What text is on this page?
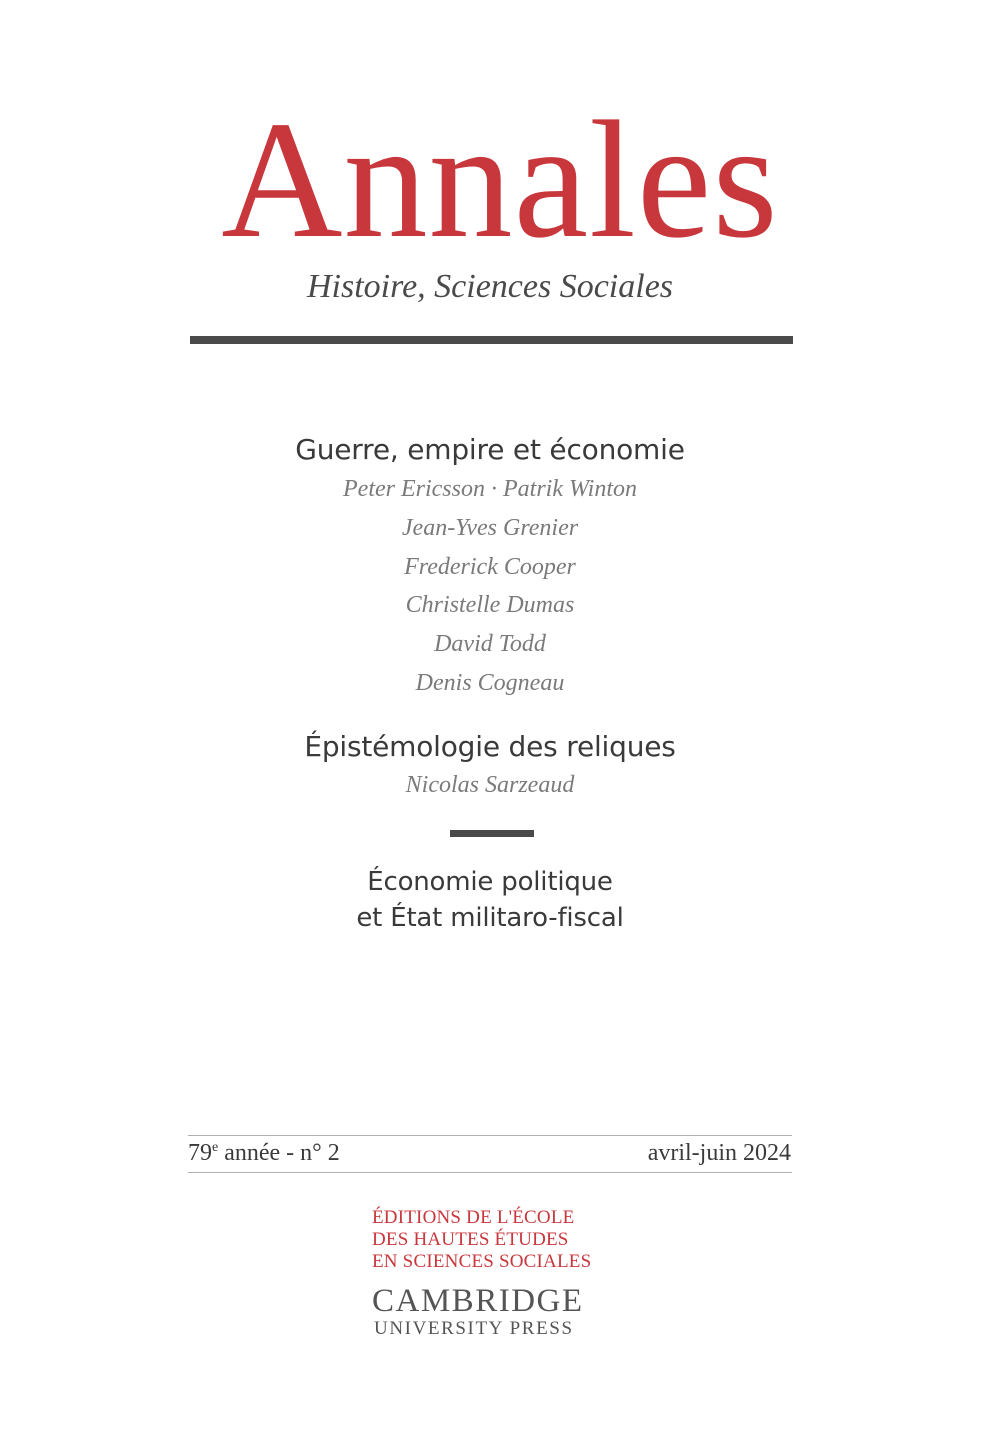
Annales
Histoire, Sciences Sociales
Guerre, empire et économie
Peter Ericsson · Patrik Winton
Jean-Yves Grenier
Frederick Cooper
Christelle Dumas
David Todd
Denis Cogneau
Épistémologie des reliques
Nicolas Sarzeaud
Économie politique
et État militaro-fiscal
79e année - n° 2	avril-juin 2024
ÉDITIONS DE L'ÉCOLE
DES HAUTES ÉTUDES
EN SCIENCES SOCIALES
CAMBRIDGE
UNIVERSITY PRESS
